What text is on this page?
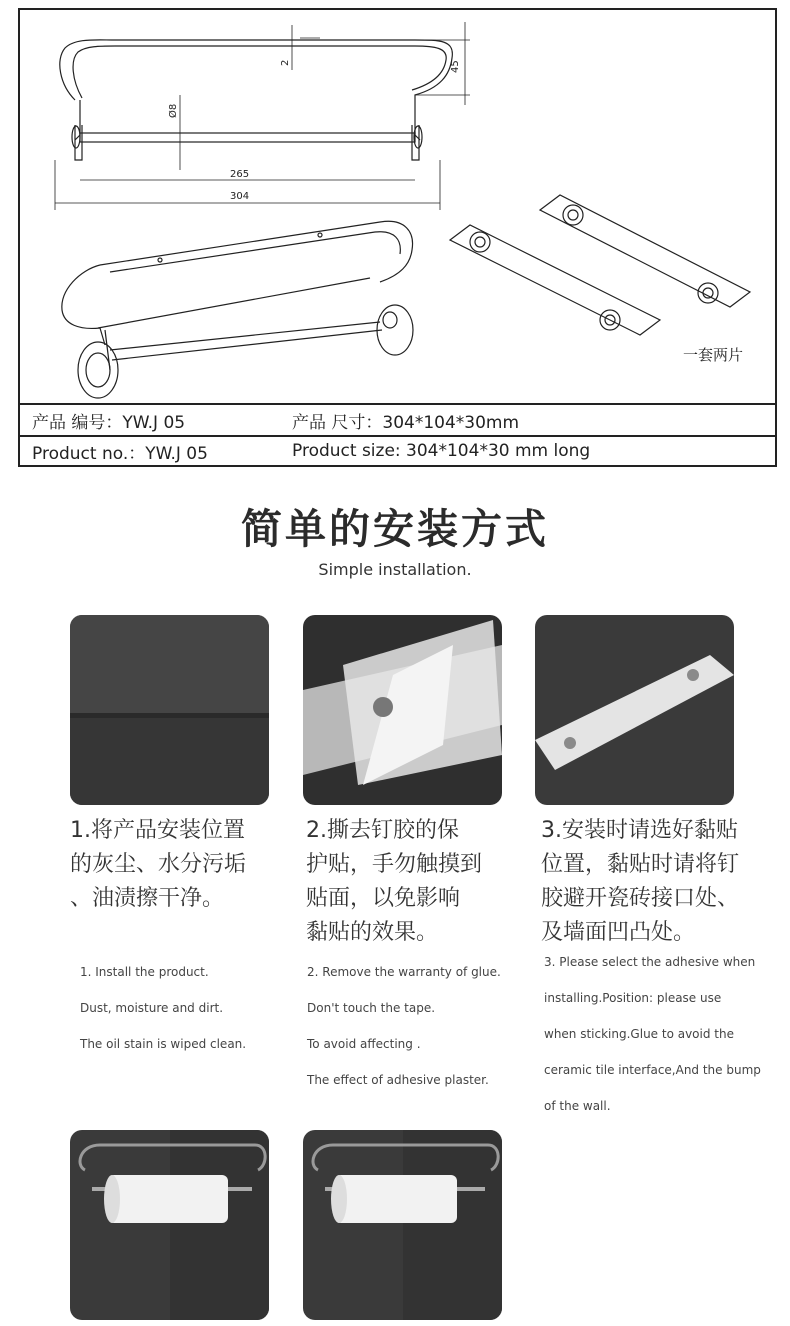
2	45
Ø8
265
304
一套两片
产品 编号：YW.J 05	产品 尺寸：304*104*30mm
Product no.：YW.J 05	Product size: 304*104*30 mm long
简单的安装方式
Simple installation.
1.将产品安装位置
的灰尘、水分污垢
、油渍擦干净。
2.撕去钉胶的保
护贴，手勿触摸到
贴面，以免影响
黏贴的效果。
3.安装时请选好黏贴
位置，黏贴时请将钉
胶避开瓷砖接口处、
及墙面凹凸处。
1. Install the product.
Dust, moisture and dirt.
The oil stain is wiped clean.
2. Remove the warranty of glue.
Don't touch the tape.
To avoid affecting .
The effect of adhesive plaster.
3. Please select the adhesive when
installing.Position: please use
when sticking.Glue to avoid the
ceramic tile interface,And the bump
of the wall.
